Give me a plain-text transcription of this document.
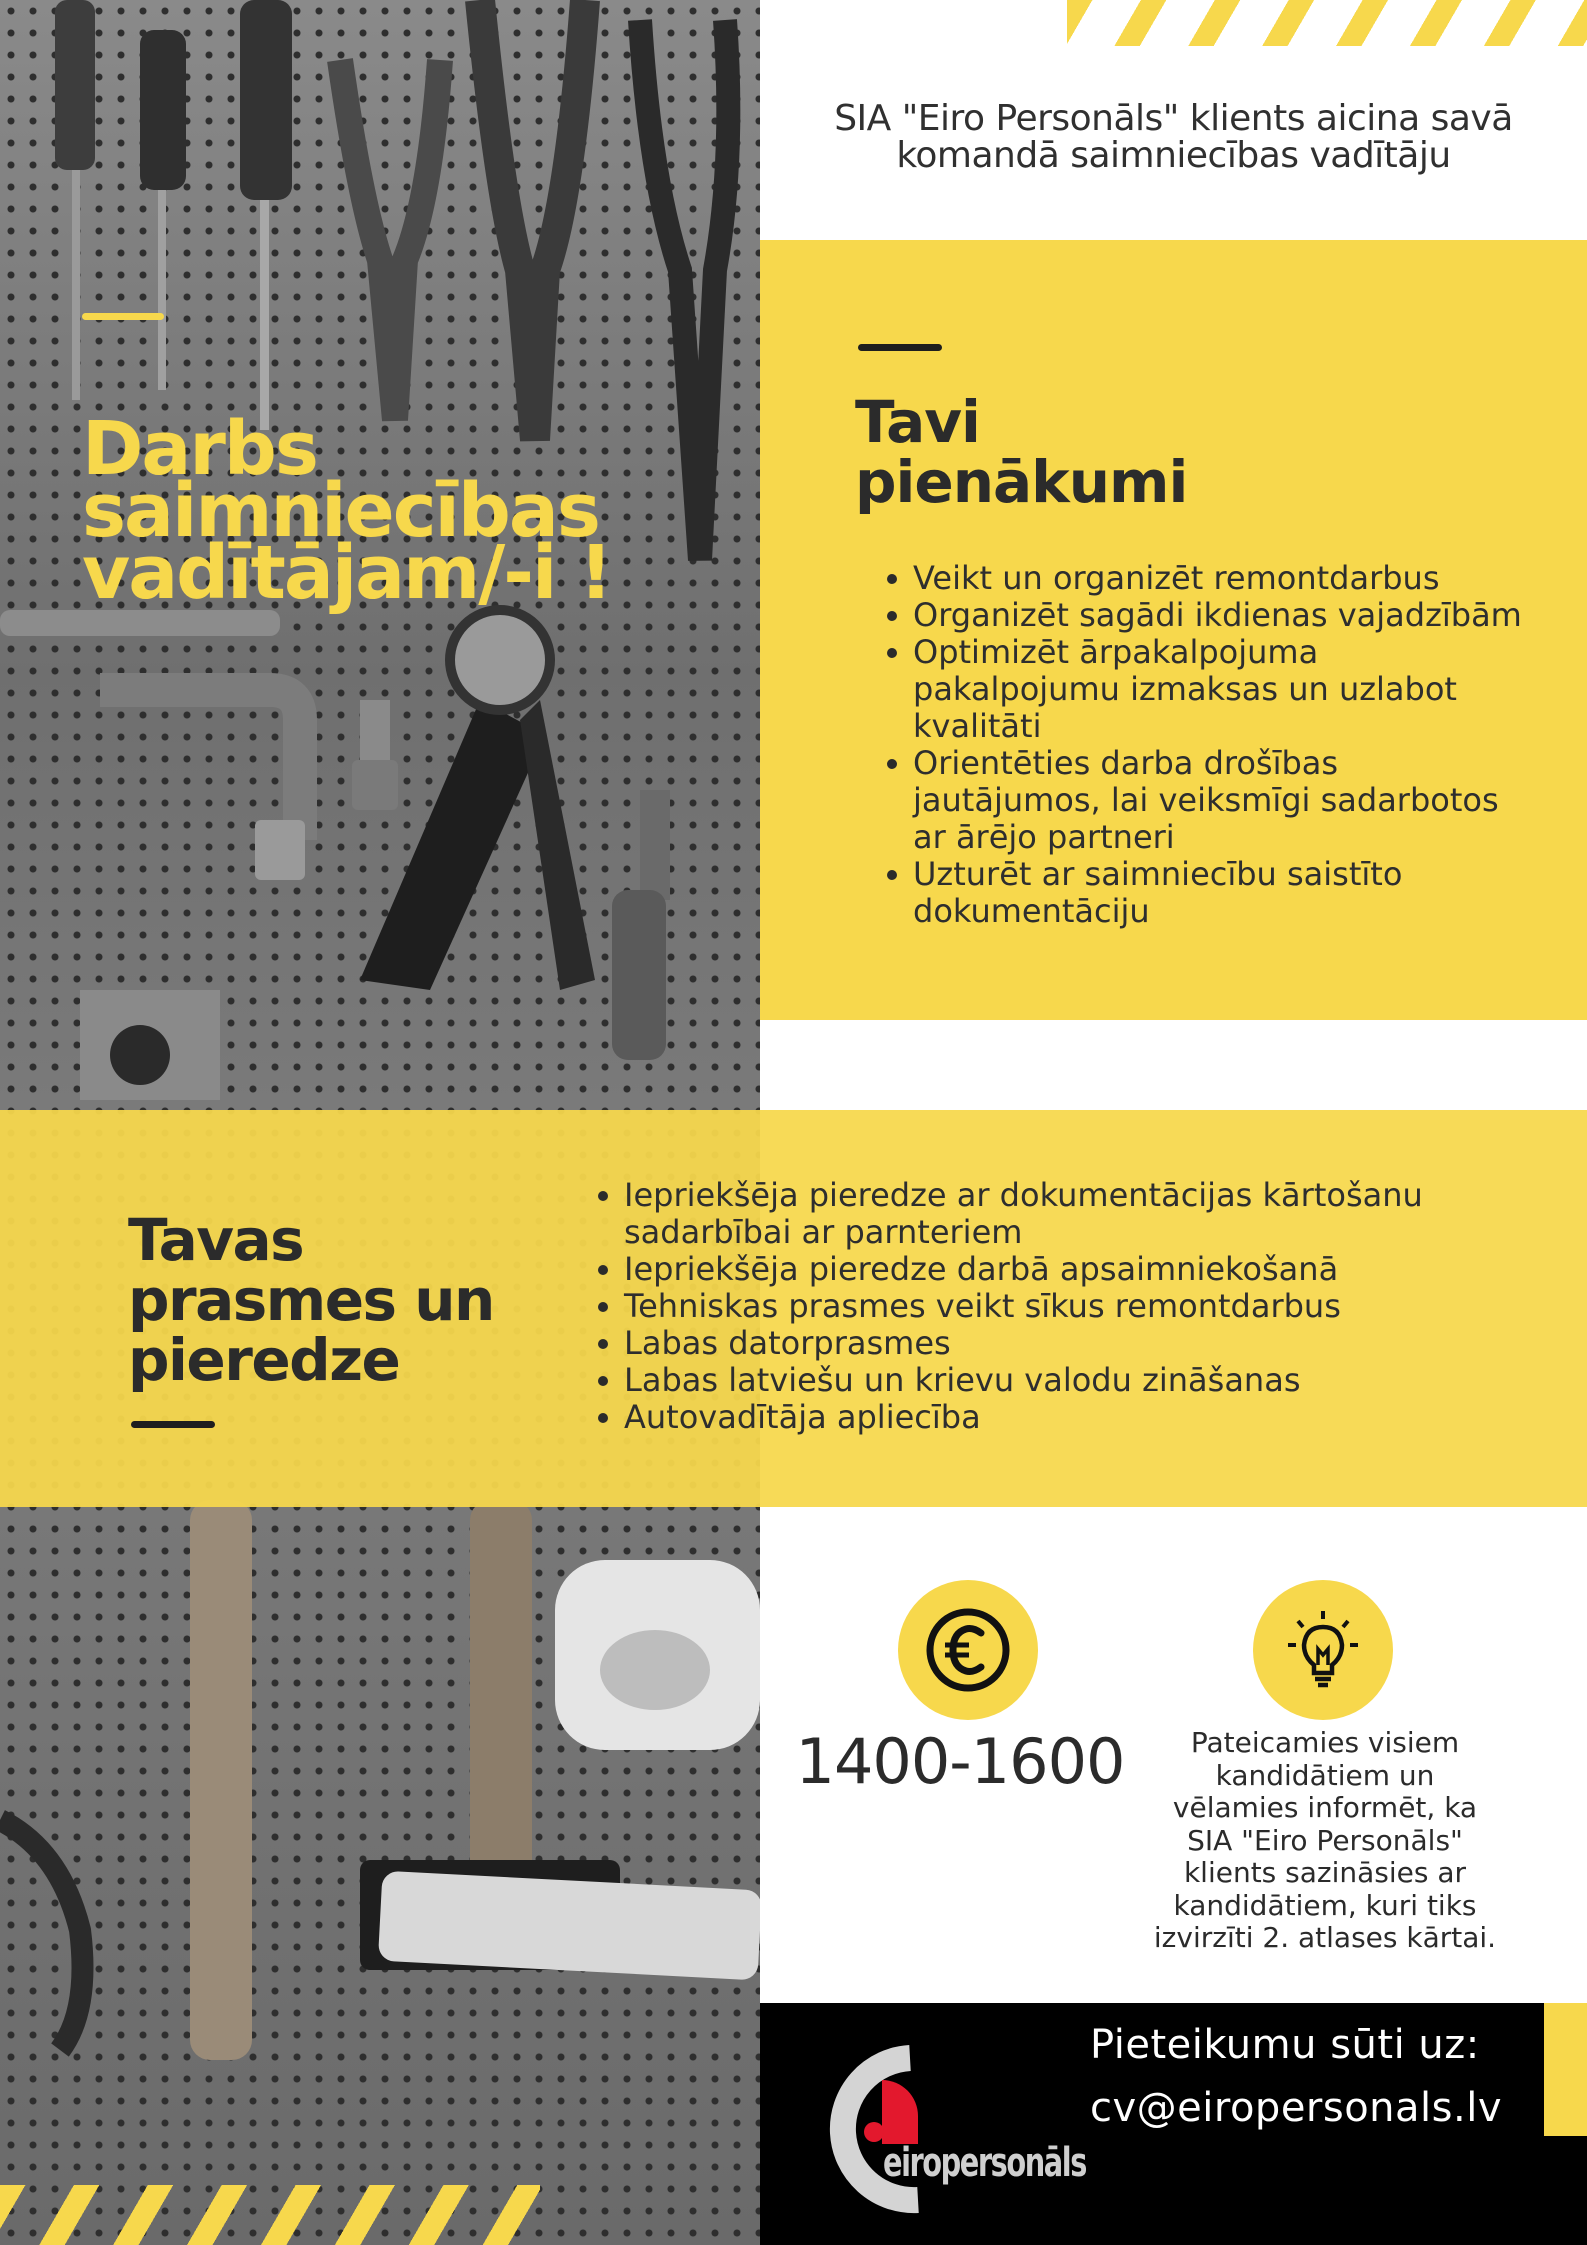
Darbs
saimniecības
vadītājam/-i !
SIA "Eiro Personāls" klients aicina savā
komandā saimniecības vadītāju
Tavi
pienākumi
Veikt un organizēt remontdarbus
Organizēt sagādi ikdienas vajadzībām
Optimizēt ārpakalpojuma pakalpojumu izmaksas un uzlabot kvalitāti
Orientēties darba drošības jautājumos, lai veiksmīgi sadarbotos ar ārējo partneri
Uzturēt ar saimniecību saistīto dokumentāciju
Tavas
prasmes un
pieredze
Iepriekšēja pieredze ar dokumentācijas kārtošanu sadarbībai ar parnteriem
Iepriekšēja pieredze darbā apsaimniekošanā
Tehniskas prasmes veikt sīkus remontdarbus
Labas datorprasmes
Labas latviešu un krievu valodu zināšanas
Autovadītāja apliecība
1400-1600	Pateicamies visiem kandidātiem un vēlamies informēt, ka SIA "Eiro Personāls" klients sazināsies ar kandidātiem, kuri tiks izvirzīti 2. atlases kārtai.

eiropersonāls
Pieteikumu sūti uz:
cv@eiropersonals.lv
